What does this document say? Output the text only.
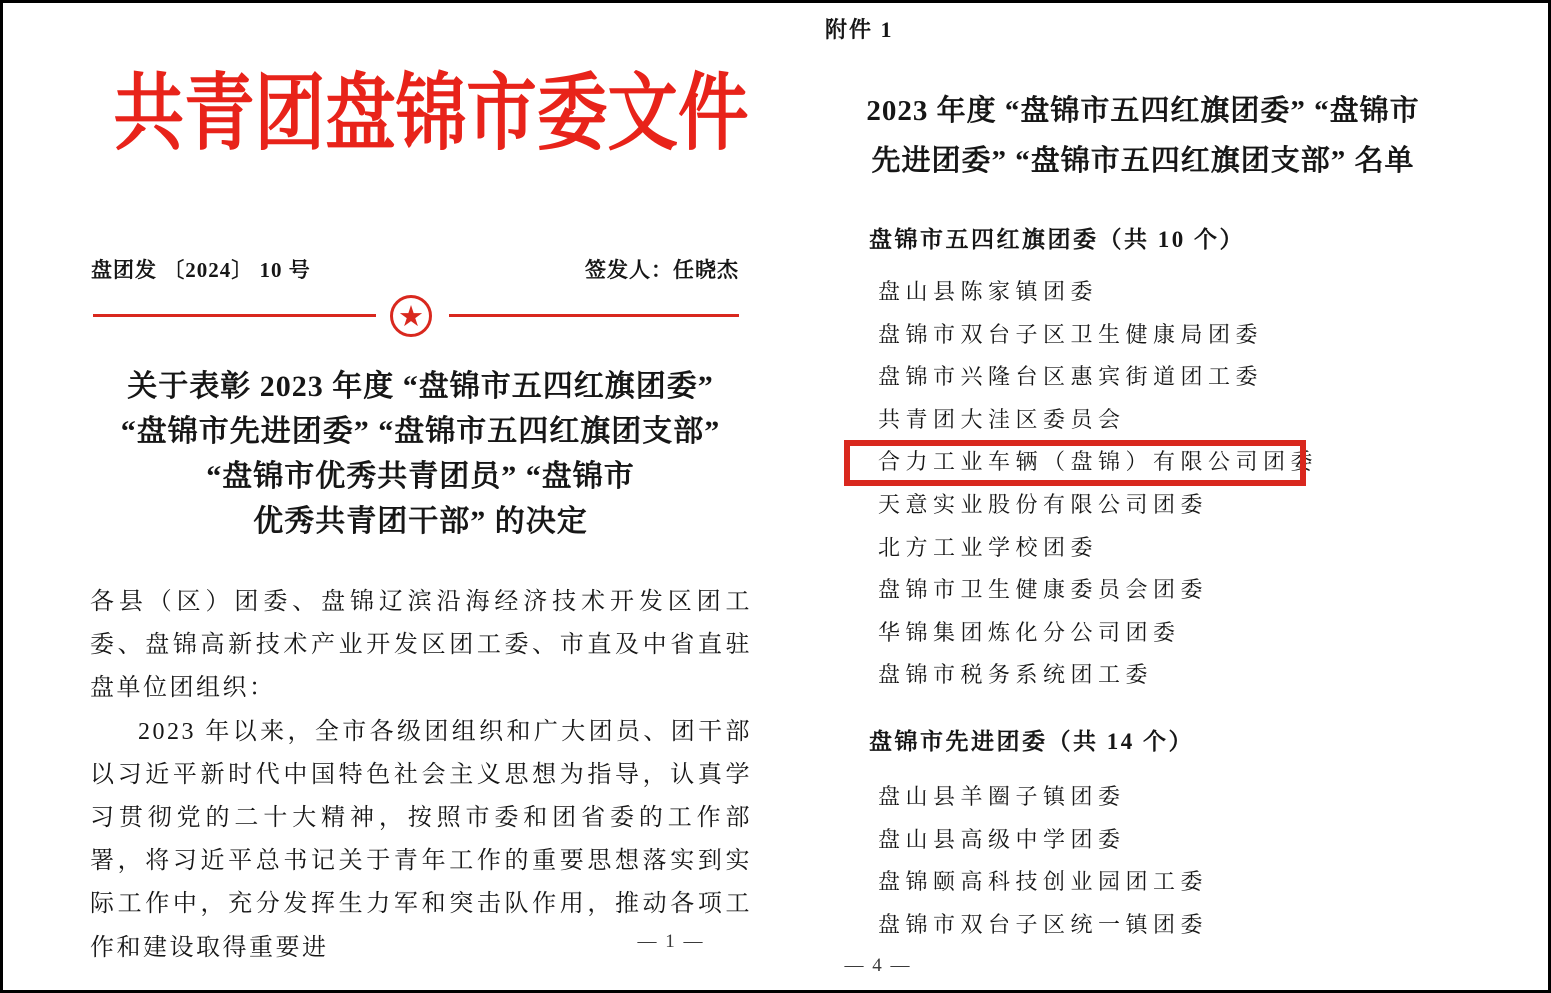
共青团盘锦市委文件
盘团发 〔2024〕 10 号	签发人：任晓杰
★
关于表彰 2023 年度 “盘锦市五四红旗团委”
“盘锦市先进团委” “盘锦市五四红旗团支部”
“盘锦市优秀共青团员” “盘锦市
优秀共青团干部” 的决定

各县（区）团委、盘锦辽滨沿海经济技术开发区团工委、盘锦高新技术产业开发区团工委、市直及中省直驻盘单位团组织：

2023 年以来，全市各级团组织和广大团员、团干部以习近平新时代中国特色社会主义思想为指导，认真学习贯彻党的二十大精神，按照市委和团省委的工作部署，将习近平总书记关于青年工作的重要思想落实到实际工作中，充分发挥生力军和突击队作用，推动各项工作和建设取得重要进	— 1 —
附件 1
2023 年度 “盘锦市五四红旗团委” “盘锦市
先进团委” “盘锦市五四红旗团支部” 名单
盘锦市五四红旗团委（共 10 个）
盘山县陈家镇团委
盘锦市双台子区卫生健康局团委
盘锦市兴隆台区惠宾街道团工委
共青团大洼区委员会
合力工业车辆（盘锦）有限公司团委
天意实业股份有限公司团委
北方工业学校团委
盘锦市卫生健康委员会团委
华锦集团炼化分公司团委
盘锦市税务系统团工委
盘锦市先进团委（共 14 个）
盘山县羊圈子镇团委
盘山县高级中学团委
盘锦颐高科技创业园团工委
盘锦市双台子区统一镇团委
— 4 —
